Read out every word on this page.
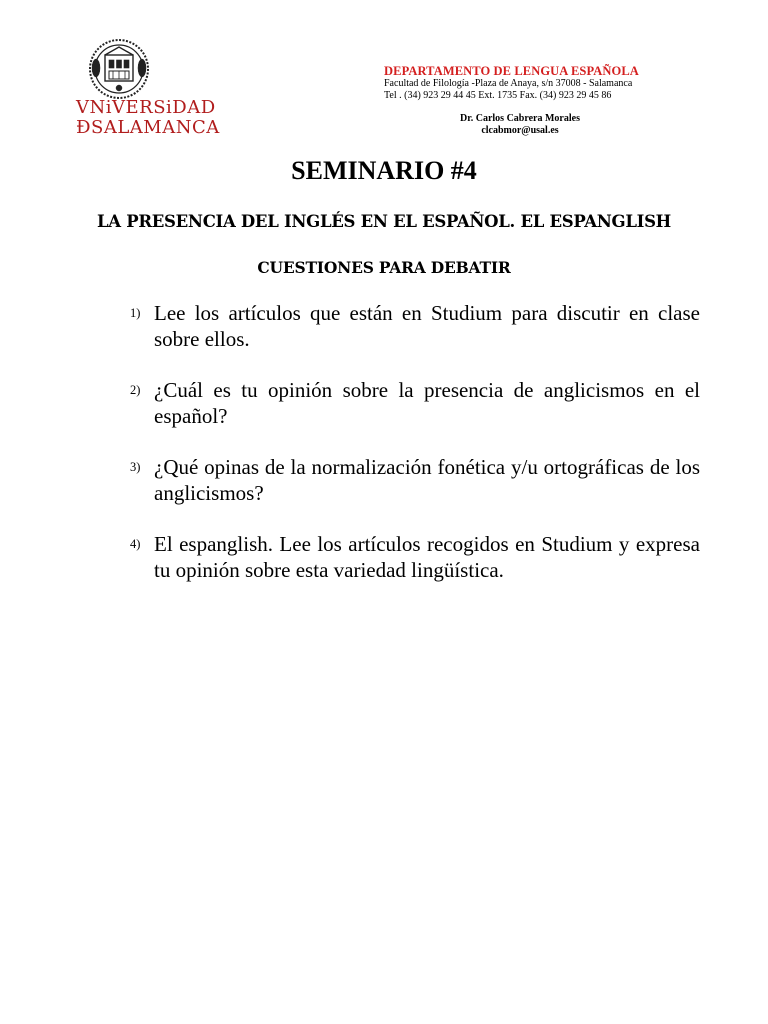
VNiVERSiDAD
ÐSALAMANCA
DEPARTAMENTO DE LENGUA ESPAÑOLA
Facultad de Filología -Plaza de Anaya, s/n 37008 - Salamanca
Tel . (34) 923 29 44 45 Ext. 1735 Fax. (34) 923 29 45 86
Dr. Carlos Cabrera Morales
clcabmor@usal.es
SEMINARIO #4
LA PRESENCIA DEL INGLÉS EN EL ESPAÑOL. EL ESPANGLISH
CUESTIONES PARA DEBATIR
1) Lee los artículos que están en Studium para discutir en clase sobre ellos.
2) ¿Cuál es tu opinión sobre la presencia de anglicismos en el español?
3) ¿Qué opinas de la normalización fonética y/u ortográficas de los anglicismos?
4) El espanglish. Lee los artículos recogidos en Studium y expresa tu opinión sobre esta variedad lingüística.
